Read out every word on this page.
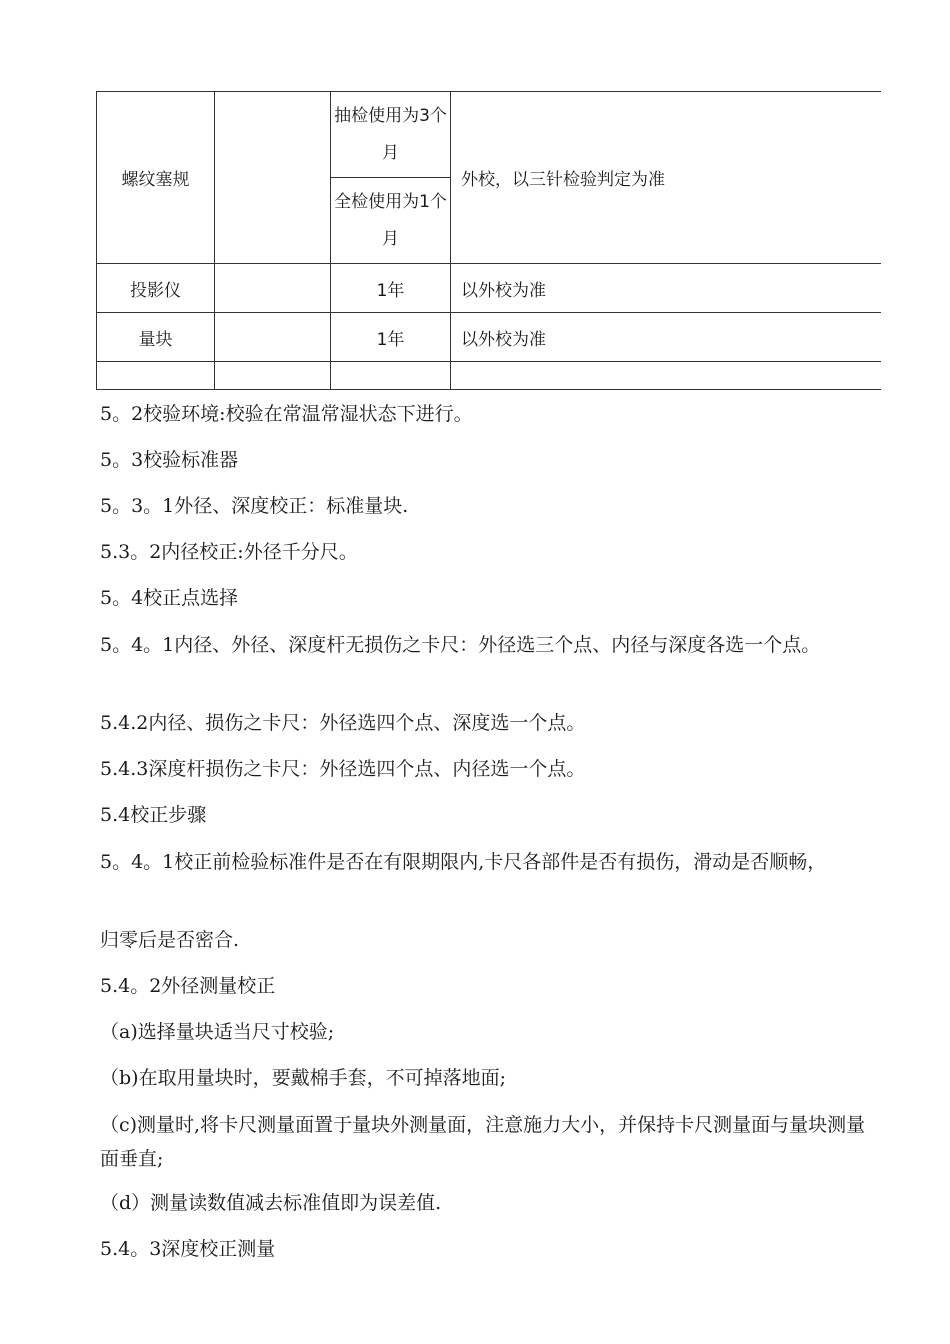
螺纹塞规		抽检使用为3个月	外校，以三针检验判定为准
		全检使用为1个月	
投影仪		1年	以外校为准
量块		1年	以外校为准

5。2校验环境:校验在常温常湿状态下进行。

5。3校验标准器

5。3。1外径、深度校正：标准量块.

5.3。2内径校正:外径千分尺。

5。4校正点选择

5。4。1内径、外径、深度杆无损伤之卡尺：外径选三个点、内径与深度各选一个点。

5.4.2内径、损伤之卡尺：外径选四个点、深度选一个点。

5.4.3深度杆损伤之卡尺：外径选四个点、内径选一个点。

5.4校正步骤

5。4。1校正前检验标准件是否在有限期限内,卡尺各部件是否有损伤，滑动是否顺畅，

归零后是否密合.

5.4。2外径测量校正

（a)选择量块适当尺寸校验;

（b)在取用量块时，要戴棉手套，不可掉落地面;

（c)测量时,将卡尺测量面置于量块外测量面，注意施力大小，并保持卡尺测量面与量块测量面垂直;

（d）测量读数值减去标准值即为误差值.

5.4。3深度校正测量
